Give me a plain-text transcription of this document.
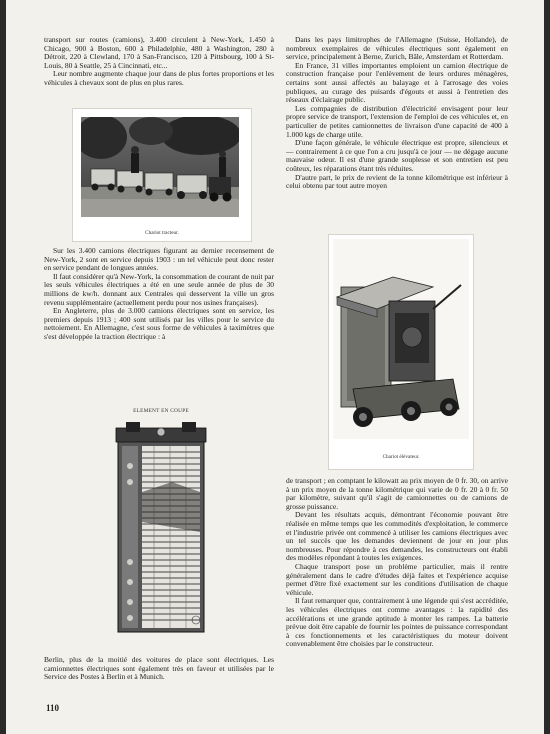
transport sur routes (camions), 3.400 circulent à New-York, 1.450 à Chicago, 900 à Boston, 600 à Philadelphie, 480 à Washington, 280 à Détroit, 220 à Clewland, 170 à San-Francisco, 120 à Pittsbourg, 100 à St-Louis, 80 à Seattle, 25 à Cincinnati, etc...

Leur nombre augmente chaque jour dans de plus fortes proportions et les véhicules à chevaux sont de plus en plus rares.

Chariot tracteur.

Sur les 3.400 camions électriques figurant au dernier recensement de New-York, 2 sont en service depuis 1903 : un tel véhicule peut donc rester en service pendant de longues années.

Il faut considérer qu'à New-York, la consommation de courant de nuit par les seuls véhicules électriques a été en une seule année de plus de 30 millions de kw/h. donnant aux Centrales qui desservent la ville un gros revenu supplémentaire (actuellement perdu pour nos usines françaises).

En Angleterre, plus de 3.000 camions électriques sont en service, les premiers depuis 1913 ; 400 sont utilisés par les villes pour le service du nettoiement. En Allemagne, c'est sous forme de véhicules à taximètres que s'est développée la traction électrique : à

ELEMENT EN COUPE

Berlin, plus de la moitié des voitures de place sont électriques. Les camionnettes électriques sont également très en faveur et utilisées par le Service des Postes à Berlin et à Munich.

Dans les pays limitrophes de l'Allemagne (Suisse, Hollande), de nombreux exemplaires de véhicules électriques sont également en service, principalement à Berne, Zurich, Bâle, Amsterdam et Rotterdam.

En France, 31 villes importantes emploient un camion électrique de construction française pour l'enlèvement de leurs ordures ménagères, certains sont aussi affectés au balayage et à l'arrosage des voies publiques, au curage des puisards d'égouts et aussi à l'entretien des réseaux d'éclairage public.

Les compagnies de distribution d'électricité envisagent pour leur propre service de transport, l'extension de l'emploi de ces véhicules et, en particulier de petites camionnettes de livraison d'une capacité de 400 à 1.000 kgs de charge utile.

D'une façon générale, le véhicule électrique est propre, silencieux et — contrairement à ce que l'on a cru jusqu'à ce jour — ne dégage aucune mauvaise odeur. Il est d'une grande souplesse et son entretien est peu coûteux, les réparations étant très réduites.

D'autre part, le prix de revient de la tonne kilométrique est inférieur à celui obtenu par tout autre moyen

Chariot élévateur.

de transport ; en comptant le kilowatt au prix moyen de 0 fr. 30, on arrive à un prix moyen de la tonne kilométrique qui varie de 0 fr. 20 à 0 fr. 50 par kilomètre, suivant qu'il s'agit de camionnettes ou de camions de grosse puissance.

Devant les résultats acquis, démontrant l'économie pouvant être réalisée en même temps que les commodités d'exploitation, le commerce et l'industrie privée ont commencé à utiliser les camions électriques avec un tel succès que les demandes deviennent de jour en jour plus nombreuses. Pour répondre à ces demandes, les constructeurs ont établi des modèles répondant à toutes les exigences.

Chaque transport pose un problème particulier, mais il rentre généralement dans le cadre d'études déjà faites et l'expérience acquise permet d'être fixé exactement sur les conditions d'utilisation de chaque véhicule.

Il faut remarquer que, contrairement à une légende qui s'est accréditée, les véhicules électriques ont comme avantages : la rapidité des accélérations et une grande aptitude à monter les rampes. La batterie prévue doit être capable de fournir les pointes de puissance correspondant à ces fonctionnements et les caractéristiques du moteur doivent convenablement être choisies par le constructeur.

110
